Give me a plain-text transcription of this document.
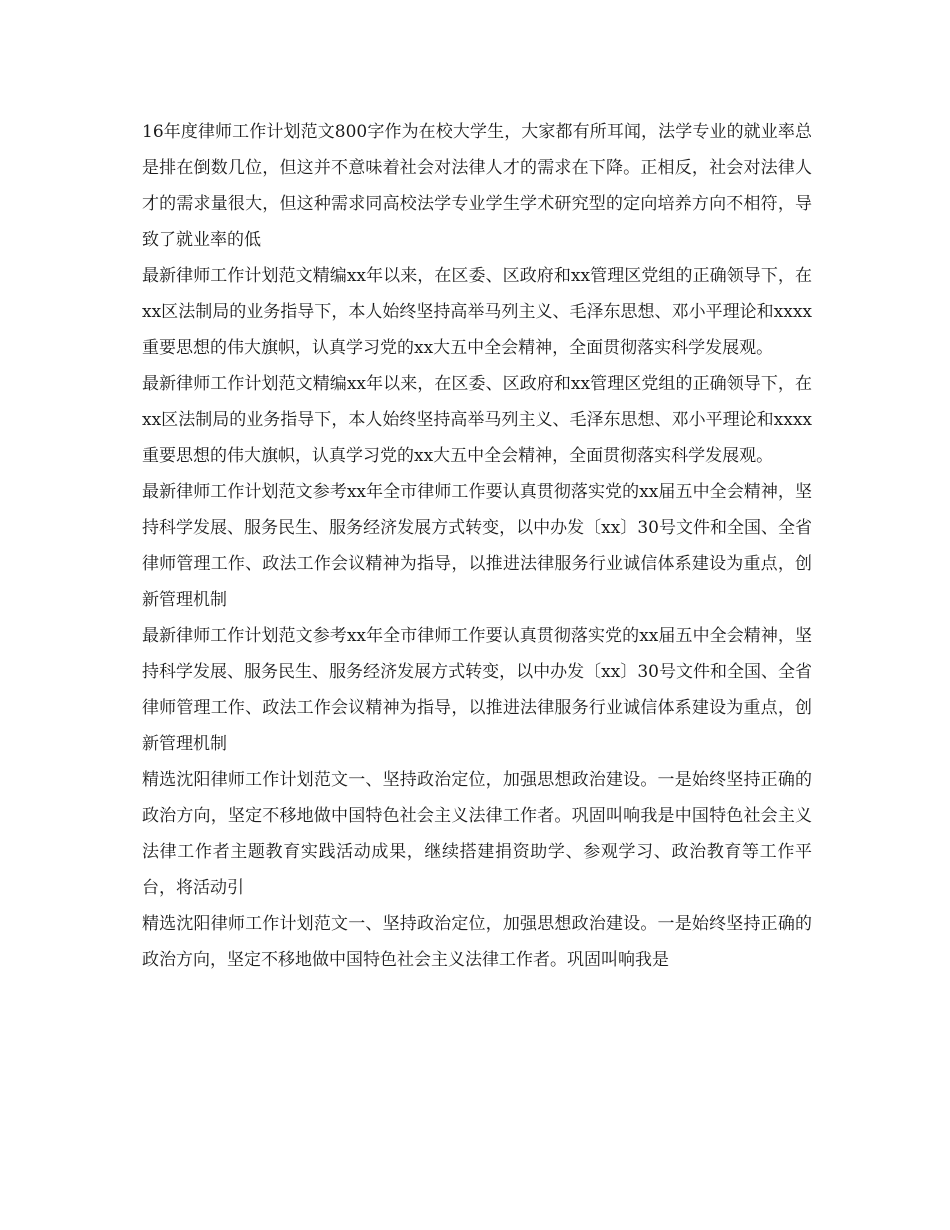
16年度律师工作计划范文800字作为在校大学生，大家都有所耳闻，法学专业的就业率总是排在倒数几位，但这并不意味着社会对法律人才的需求在下降。正相反，社会对法律人才的需求量很大，但这种需求同高校法学专业学生学术研究型的定向培养方向不相符，导致了就业率的低

最新律师工作计划范文精编xx年以来，在区委、区政府和xx管理区党组的正确领导下，在xx区法制局的业务指导下，本人始终坚持高举马列主义、毛泽东思想、邓小平理论和xxxx重要思想的伟大旗帜，认真学习党的xx大五中全会精神，全面贯彻落实科学发展观。

最新律师工作计划范文精编xx年以来，在区委、区政府和xx管理区党组的正确领导下，在xx区法制局的业务指导下，本人始终坚持高举马列主义、毛泽东思想、邓小平理论和xxxx重要思想的伟大旗帜，认真学习党的xx大五中全会精神，全面贯彻落实科学发展观。

最新律师工作计划范文参考xx年全市律师工作要认真贯彻落实党的xx届五中全会精神，坚持科学发展、服务民生、服务经济发展方式转变，以中办发〔xx〕30号文件和全国、全省律师管理工作、政法工作会议精神为指导，以推进法律服务行业诚信体系建设为重点，创新管理机制

最新律师工作计划范文参考xx年全市律师工作要认真贯彻落实党的xx届五中全会精神，坚持科学发展、服务民生、服务经济发展方式转变，以中办发〔xx〕30号文件和全国、全省律师管理工作、政法工作会议精神为指导，以推进法律服务行业诚信体系建设为重点，创新管理机制

精选沈阳律师工作计划范文一、坚持政治定位，加强思想政治建设。一是始终坚持正确的政治方向，坚定不移地做中国特色社会主义法律工作者。巩固叫响我是中国特色社会主义法律工作者主题教育实践活动成果，继续搭建捐资助学、参观学习、政治教育等工作平台，将活动引

精选沈阳律师工作计划范文一、坚持政治定位，加强思想政治建设。一是始终坚持正确的政治方向，坚定不移地做中国特色社会主义法律工作者。巩固叫响我是
